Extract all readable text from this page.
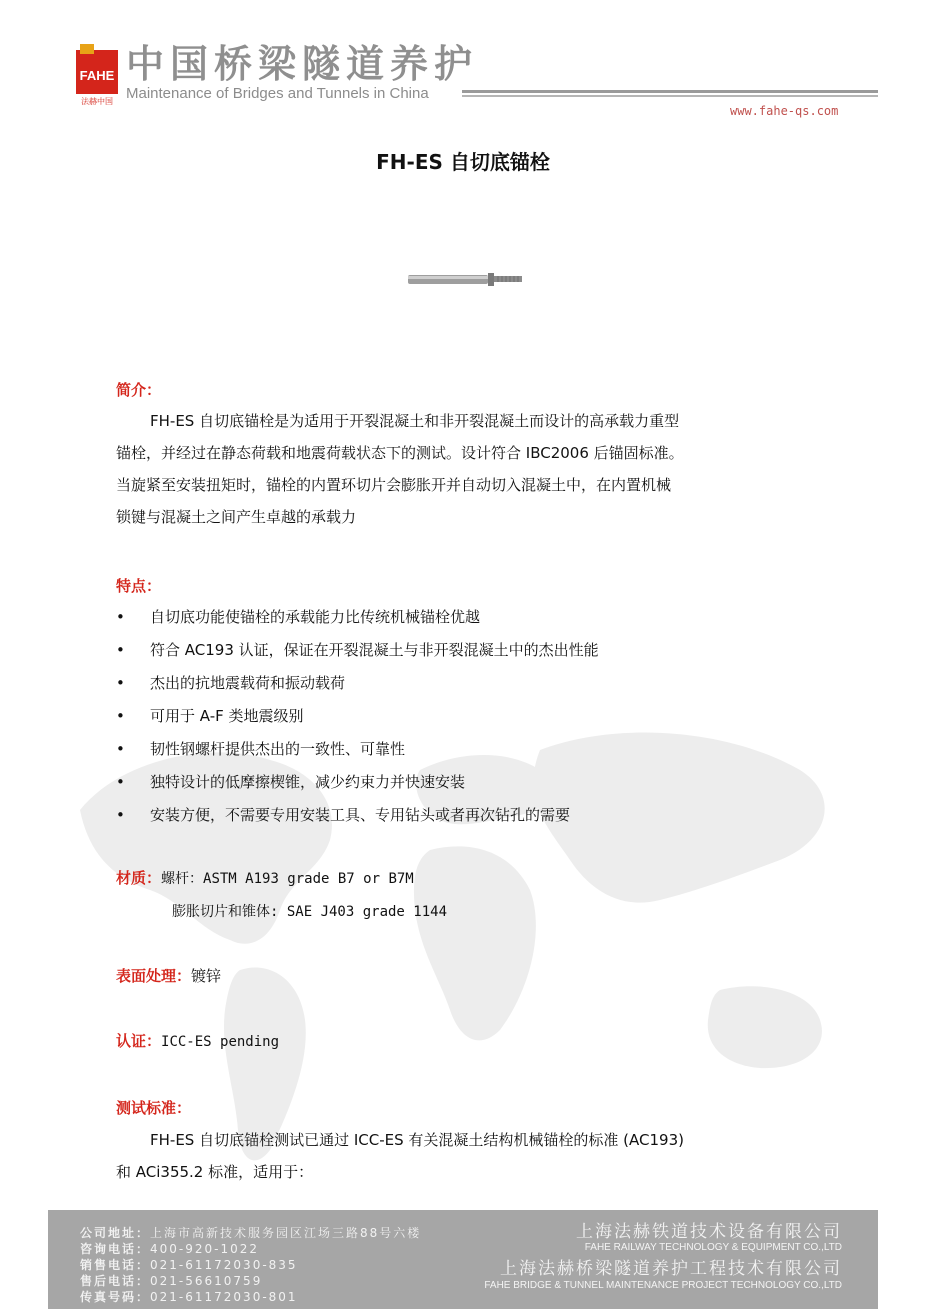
FAHE
法赫中国
中国桥梁隧道养护
Maintenance of Bridges and Tunnels in China
www.fahe-qs.com
FH-ES 自切底锚栓
简介：
FH-ES 自切底锚栓是为适用于开裂混凝土和非开裂混凝土而设计的高承载力重型
锚栓，并经过在静态荷载和地震荷载状态下的测试。设计符合 IBC2006 后锚固标准。
当旋紧至安装扭矩时，锚栓的内置环切片会膨胀开并自动切入混凝土中，在内置机械
锁键与混凝土之间产生卓越的承载力
特点：
• 自切底功能使锚栓的承载能力比传统机械锚栓优越
• 符合 AC193 认证，保证在开裂混凝土与非开裂混凝土中的杰出性能
• 杰出的抗地震载荷和振动载荷
• 可用于 A-F 类地震级别
• 韧性钢螺杆提供杰出的一致性、可靠性
• 独特设计的低摩擦楔锥，减少约束力并快速安装
• 安装方便，不需要专用安装工具、专用钻头或者再次钻孔的需要
材质：螺杆：ASTM A193 grade B7 or B7M
膨胀切片和锥体: SAE J403 grade 1144
表面处理：镀锌
认证：ICC-ES pending
测试标准：
FH-ES 自切底锚栓测试已通过 ICC-ES 有关混凝土结构机械锚栓的标准 (AC193)
和 ACi355.2 标准，适用于：
公司地址：上海市高新技术服务园区江场三路88号六楼
咨询电话：400-920-1022
销售电话：021-61172030-835
售后电话：021-56610759
传真号码：021-61172030-801
上海法赫铁道技术设备有限公司
FAHE RAILWAY TECHNOLOGY & EQUIPMENT CO.,LTD
上海法赫桥梁隧道养护工程技术有限公司
FAHE BRIDGE & TUNNEL MAINTENANCE PROJECT TECHNOLOGY CO.,LTD
